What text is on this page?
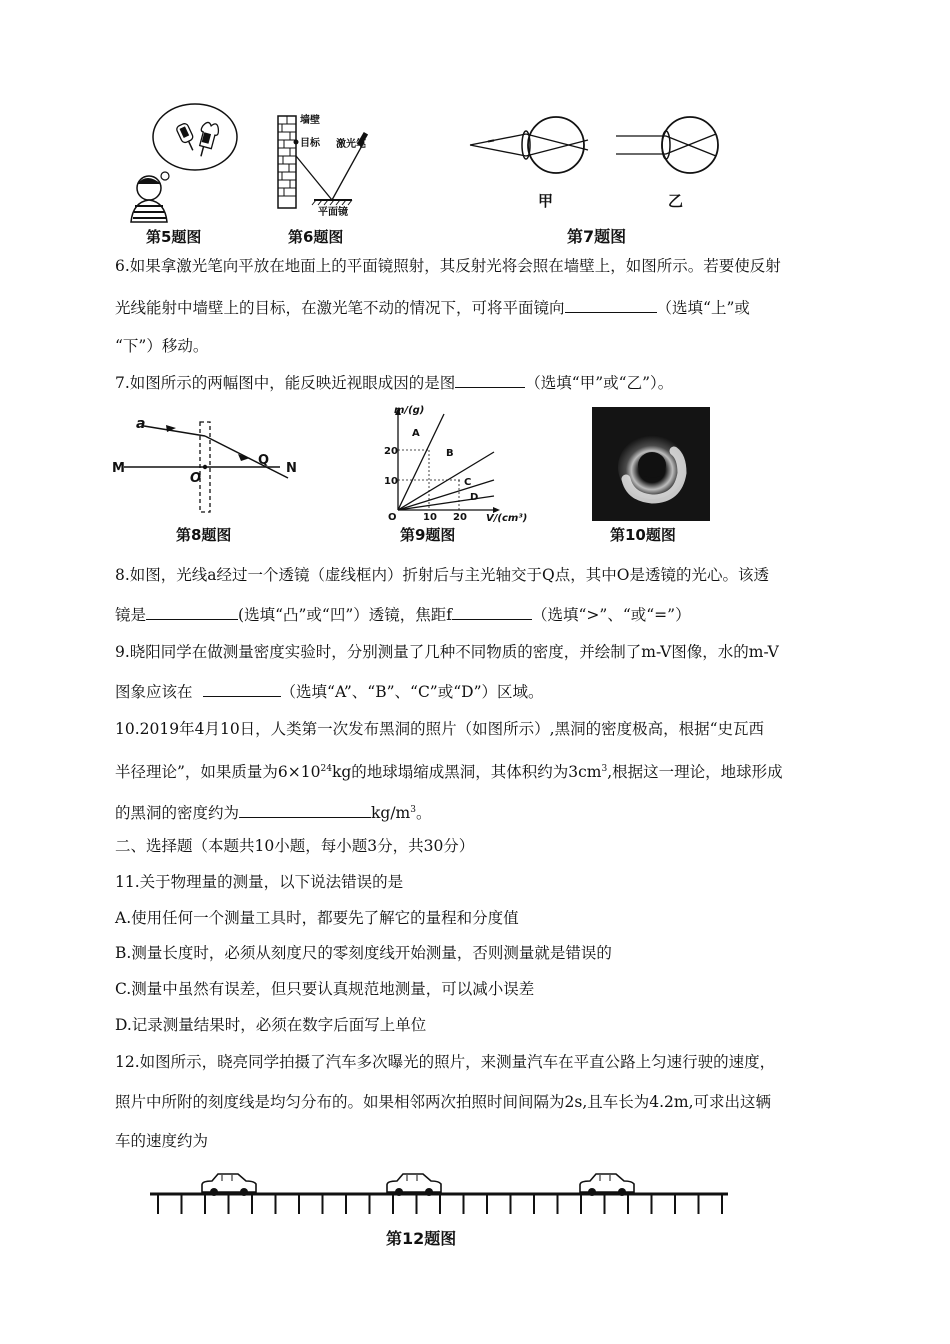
第5题图
墙壁
目标 激光笔
平面镜
第6题图
甲	乙
第7题图
6.如果拿激光笔向平放在地面上的平面镜照射，其反射光将会照在墙壁上，如图所示。若要使反射
光线能射中墙壁上的目标，在激光笔不动的情况下，可将平面镜向	（选填“上”或
“下”）移动。
7.如图所示的两幅图中，能反映近视眼成因的是图	（选填“甲”或“乙”）。
a
M
O
Q
N
第8题图
m/(g)
A
B
C
D
20
10
O	10 20 V/(cm³)
第9题图	第10题图
8.如图，光线a经过一个透镜（虚线框内）折射后与主光轴交于Q点，其中O是透镜的光心。该透
镜是	(选填“凸”或“凹”）透镜，焦距f	（选填“>”、“或“=”）
9.晓阳同学在做测量密度实验时，分别测量了几种不同物质的密度，并绘制了m-V图像，水的m-V
图象应该在	（选填“A”、“B”、“C”或“D”）区域。
10.2019年4月10日，人类第一次发布黑洞的照片（如图所示）,黑洞的密度极高，根据“史瓦西
半径理论”，如果质量为$6\times 10^{24}kg$的地球塌缩成黑洞，其体积约为$3cm^3$,根据这一理论，地球形成
的黑洞的密度约为	$kg/m^3$。
二、选择题（本题共10小题，每小题3分，共30分）
11.关于物理量的测量，以下说法错误的是
A.使用任何一个测量工具时，都要先了解它的量程和分度值
B.测量长度时，必须从刻度尺的零刻度线开始测量，否则测量就是错误的
C.测量中虽然有误差，但只要认真规范地测量，可以减小误差
D.记录测量结果时，必须在数字后面写上单位
12.如图所示，晓亮同学拍摄了汽车多次曝光的照片，来测量汽车在平直公路上匀速行驶的速度，
照片中所附的刻度线是均匀分布的。如果相邻两次拍照时间间隔为2s,且车长为4.2m,可求出这辆
车的速度约为
第12题图
